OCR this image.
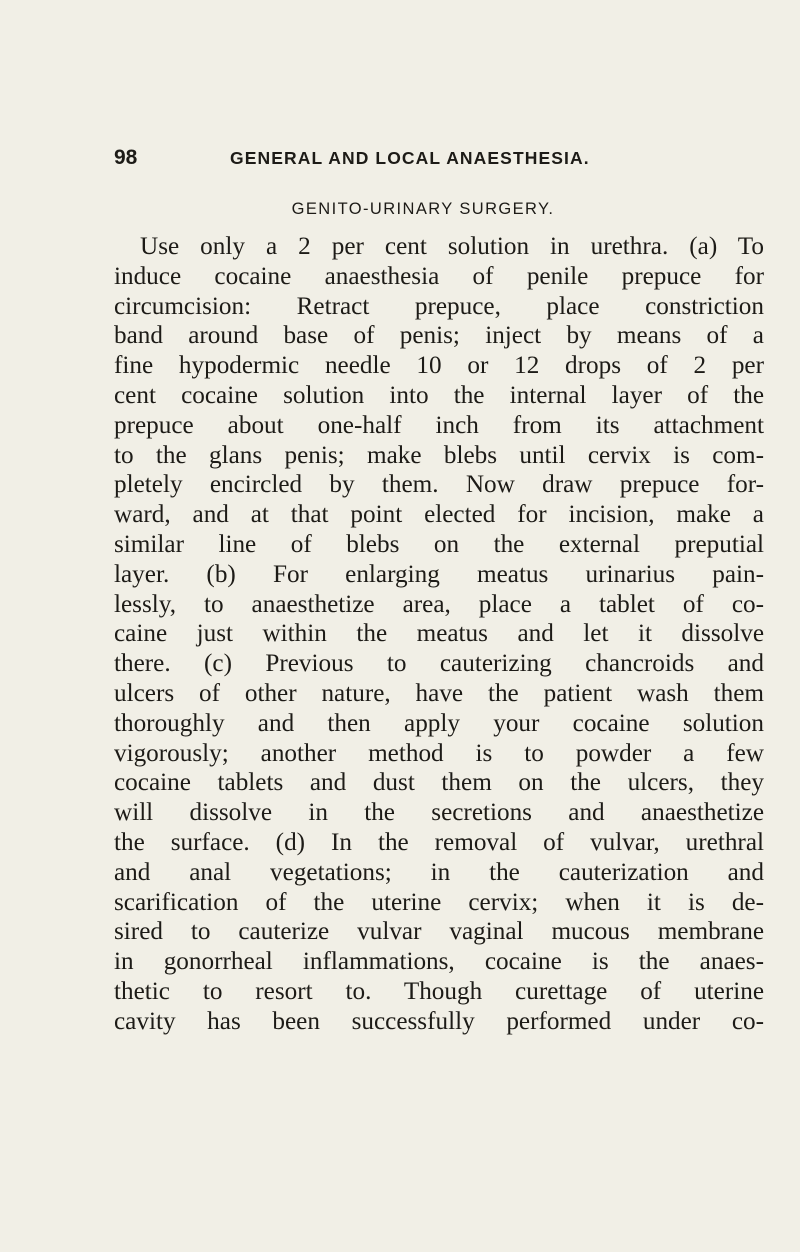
98	GENERAL AND LOCAL ANAESTHESIA.
GENITO-URINARY SURGERY.
Use only a 2 per cent solution in urethra. (a) To
induce cocaine anaesthesia of penile prepuce for
circumcision: Retract prepuce, place constriction
band around base of penis; inject by means of a
fine hypodermic needle 10 or 12 drops of 2 per
cent cocaine solution into the internal layer of the
prepuce about one-half inch from its attachment
to the glans penis; make blebs until cervix is com-
pletely encircled by them. Now draw prepuce for-
ward, and at that point elected for incision, make a
similar line of blebs on the external preputial
layer. (b) For enlarging meatus urinarius pain-
lessly, to anaesthetize area, place a tablet of co-
caine just within the meatus and let it dissolve
there. (c) Previous to cauterizing chancroids and
ulcers of other nature, have the patient wash them
thoroughly and then apply your cocaine solution
vigorously; another method is to powder a few
cocaine tablets and dust them on the ulcers, they
will dissolve in the secretions and anaesthetize
the surface. (d) In the removal of vulvar, urethral
and anal vegetations; in the cauterization and
scarification of the uterine cervix; when it is de-
sired to cauterize vulvar vaginal mucous membrane
in gonorrheal inflammations, cocaine is the anaes-
thetic to resort to. Though curettage of uterine
cavity has been successfully performed under co-
